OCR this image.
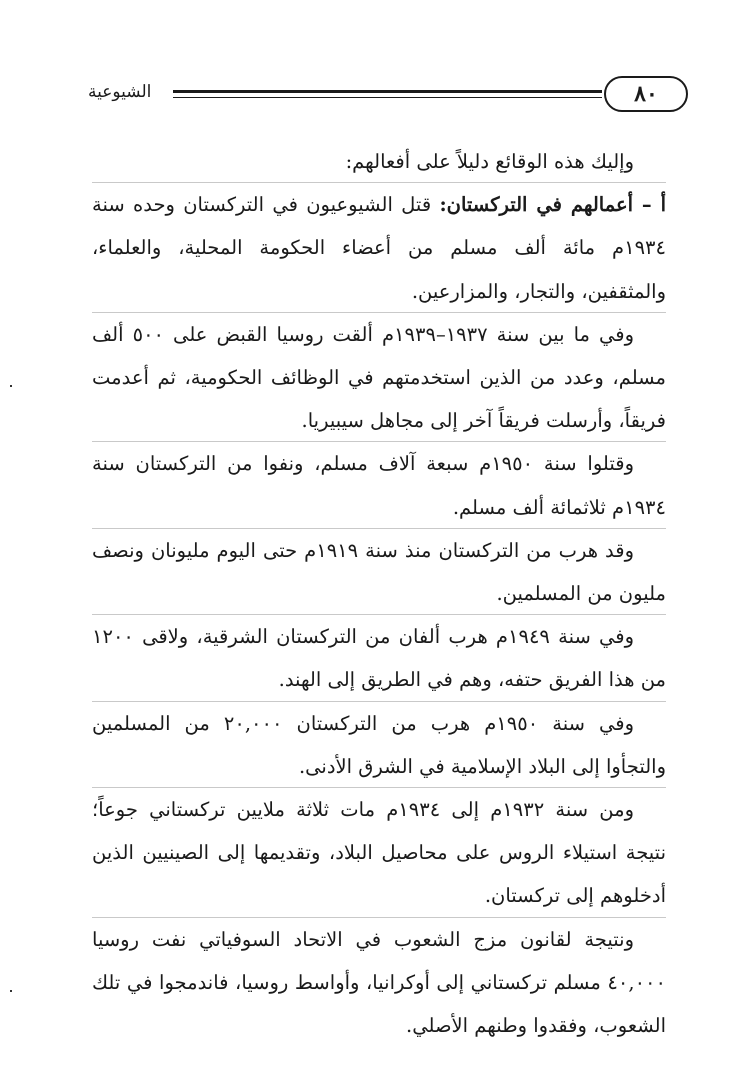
الشيوعية	٨٠

وإليك هذه الوقائع دليلاً على أفعالهم:

أ – أعمالهم في التركستان: قتل الشيوعيون في التركستان وحده سنة ١٩٣٤م مائة ألف مسلم من أعضاء الحكومة المحلية، والعلماء، والمثقفين، والتجار، والمزارعين.

وفي ما بين سنة ١٩٣٧–١٩٣٩م ألقت روسيا القبض على ٥٠٠ ألف مسلم، وعدد من الذين استخدمتهم في الوظائف الحكومية، ثم أعدمت فريقاً، وأرسلت فريقاً آخر إلى مجاهل سيبيريا.

وقتلوا سنة ١٩٥٠م سبعة آلاف مسلم، ونفوا من التركستان سنة ١٩٣٤م ثلاثمائة ألف مسلم.

وقد هرب من التركستان منذ سنة ١٩١٩م حتى اليوم مليونان ونصف مليون من المسلمين.

وفي سنة ١٩٤٩م هرب ألفان من التركستان الشرقية، ولاقى ١٢٠٠ من هذا الفريق حتفه، وهم في الطريق إلى الهند.

وفي سنة ١٩٥٠م هرب من التركستان ٢٠,٠٠٠ من المسلمين والتجأوا إلى البلاد الإسلامية في الشرق الأدنى.

ومن سنة ١٩٣٢م إلى ١٩٣٤م مات ثلاثة ملايين تركستاني جوعاً؛ نتيجة استيلاء الروس على محاصيل البلاد، وتقديمها إلى الصينيين الذين أدخلوهم إلى تركستان.

ونتيجة لقانون مزج الشعوب في الاتحاد السوفياتي نفت روسيا ٤٠,٠٠٠ مسلم تركستاني إلى أوكرانيا، وأواسط روسيا، فاندمجوا في تلك الشعوب، وفقدوا وطنهم الأصلي.
